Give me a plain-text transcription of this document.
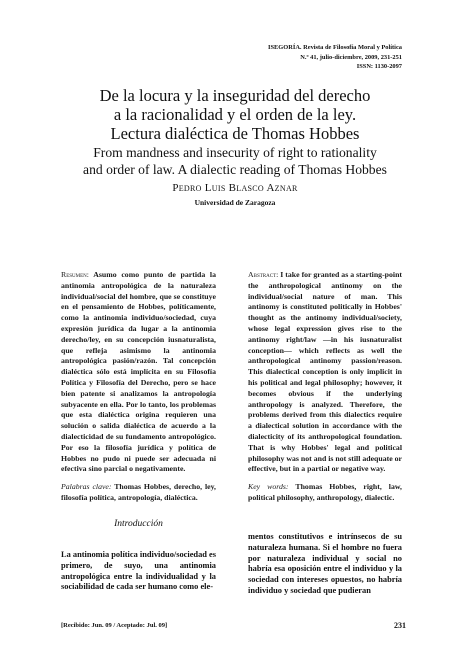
ISEGORÍA. Revista de Filosofía Moral y Política
N.º 41, julio-diciembre, 2009, 231-251
ISSN: 1130-2097
De la locura y la inseguridad del derecho
a la racionalidad y el orden de la ley.
Lectura dialéctica de Thomas Hobbes
From mandness and insecurity of right to rationality
and order of law. A dialectic reading of Thomas Hobbes
Pedro Luis Blasco Aznar
Universidad de Zaragoza
Resumen: Asumo como punto de partida la antinomia antropológica de la naturaleza individual/social del hombre, que se constituye en el pensamiento de Hobbes, políticamente, como la antinomia individuo/sociedad, cuya expresión jurídica da lugar a la antinomia derecho/ley, en su concepción iusnaturalista, que refleja asimismo la antinomia antropológica pasión/razón. Tal concepción dialéctica sólo está implícita en su Filosofía Política y Filosofía del Derecho, pero se hace bien patente si analizamos la antropología subyacente en ella. Por lo tanto, los problemas que esta dialéctica origina requieren una solución o salida dialéctica de acuerdo a la dialecticidad de su fundamento antropológico. Por eso la filosofía jurídica y política de Hobbes no pudo ni puede ser adecuada ni efectiva sino parcial o negativamente.
Palabras clave: Thomas Hobbes, derecho, ley, filosofía política, antropología, dialéctica.
Abstract: I take for granted as a starting-point the anthropological antinomy on the individual/social nature of man. This antinomy is constituted politically in Hobbes' thought as the antinomy individual/society, whose legal expression gives rise to the antinomy right/law —in his iusnaturalist conception— which reflects as well the anthropological antinomy passion/reason. This dialectical conception is only implicit in his political and legal philosophy; however, it becomes obvious if the underlying anthropology is analyzed. Therefore, the problems derived from this dialectics require a dialectical solution in accordance with the dialecticity of its anthropological foundation. That is why Hobbes' legal and political philosophy was not and is not still adequate or effective, but in a partial or negative way.
Key words: Thomas Hobbes, right, law, political philosophy, anthropology, dialectic.
Introducción
La antinomia política individuo/sociedad es primero, de suyo, una antinomia antropológica entre la individualidad y la sociabilidad de cada ser humano como ele-
mentos constitutivos e intrínsecos de su naturaleza humana. Si el hombre no fuera por naturaleza individual y social no habría esa oposición entre el individuo y la sociedad con intereses opuestos, no habría individuo y sociedad que pudieran
[Recibido: Jun. 09 / Aceptado: Jul. 09]	231
